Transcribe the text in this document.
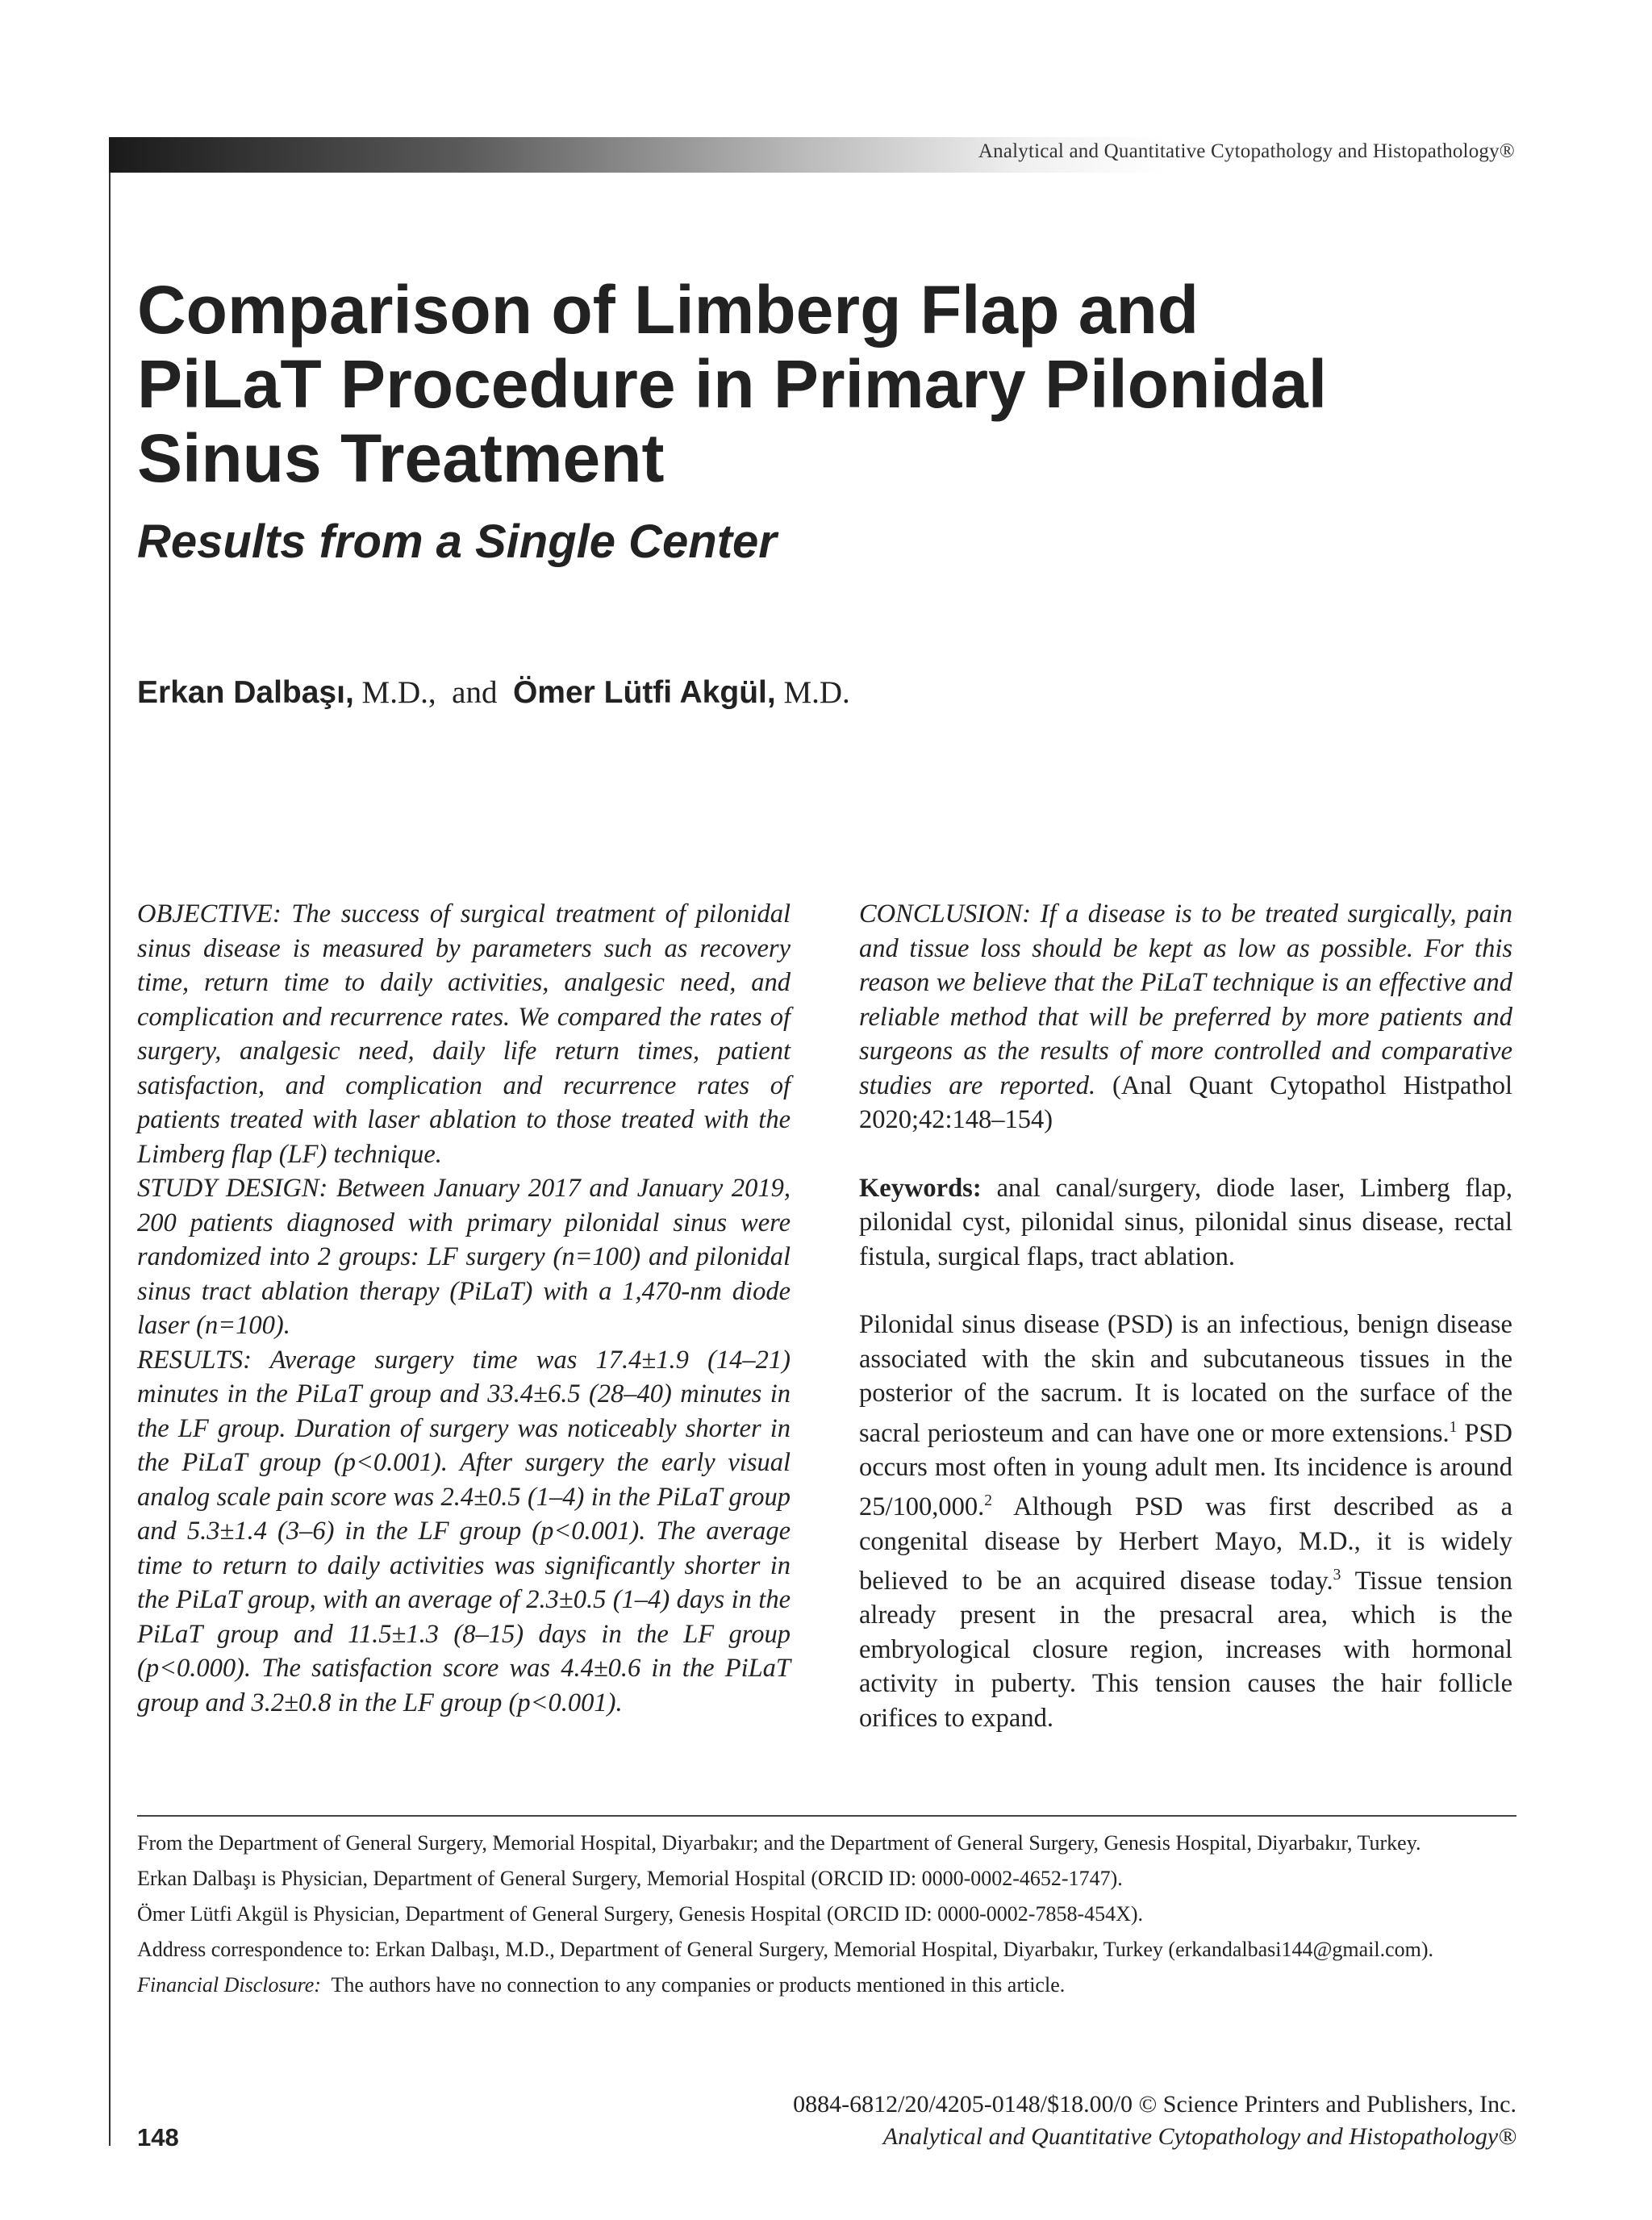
Analytical and Quantitative Cytopathology and Histopathology®
Comparison of Limberg Flap and PiLaT Procedure in Primary Pilonidal Sinus Treatment
Results from a Single Center
Erkan Dalbaşı, M.D., and Ömer Lütfi Akgül, M.D.

OBJECTIVE: The success of surgical treatment of pilonidal sinus disease is measured by parameters such as recovery time, return time to daily activities, analgesic need, and complication and recurrence rates. We compared the rates of surgery, analgesic need, daily life return times, patient satisfaction, and complication and recurrence rates of patients treated with laser ablation to those treated with the Limberg flap (LF) technique.

STUDY DESIGN: Between January 2017 and January 2019, 200 patients diagnosed with primary pilonidal sinus were randomized into 2 groups: LF surgery (n=100) and pilonidal sinus tract ablation therapy (PiLaT) with a 1,470-nm diode laser (n=100).

RESULTS: Average surgery time was 17.4±1.9 (14–21) minutes in the PiLaT group and 33.4±6.5 (28–40) minutes in the LF group. Duration of surgery was noticeably shorter in the PiLaT group (p<0.001). After surgery the early visual analog scale pain score was 2.4±0.5 (1–4) in the PiLaT group and 5.3±1.4 (3–6) in the LF group (p<0.001). The average time to return to daily activities was significantly shorter in the PiLaT group, with an average of 2.3±0.5 (1–4) days in the PiLaT group and 11.5±1.3 (8–15) days in the LF group (p<0.000). The satisfaction score was 4.4±0.6 in the PiLaT group and 3.2±0.8 in the LF group (p<0.001).

CONCLUSION: If a disease is to be treated surgically, pain and tissue loss should be kept as low as possible. For this reason we believe that the PiLaT technique is an effective and reliable method that will be preferred by more patients and surgeons as the results of more controlled and comparative studies are reported. (Anal Quant Cytopathol Histpathol 2020;42:148–154)

Keywords: anal canal/surgery, diode laser, Limberg flap, pilonidal cyst, pilonidal sinus, pilonidal sinus disease, rectal fistula, surgical flaps, tract ablation.

Pilonidal sinus disease (PSD) is an infectious, benign disease associated with the skin and subcutaneous tissues in the posterior of the sacrum. It is located on the surface of the sacral periosteum and can have one or more extensions.$^1$ PSD occurs most often in young adult men. Its incidence is around 25/100,000.$^2$ Although PSD was first described as a congenital disease by Herbert Mayo, M.D., it is widely believed to be an acquired disease today.$^3$ Tissue tension already present in the presacral area, which is the embryological closure region, increases with hormonal activity in puberty. This tension causes the hair follicle orifices to expand.

From the Department of General Surgery, Memorial Hospital, Diyarbakır; and the Department of General Surgery, Genesis Hospital, Diyarbakır, Turkey.

Erkan Dalbaşı is Physician, Department of General Surgery, Memorial Hospital (ORCID ID: 0000-0002-4652-1747).

Ömer Lütfi Akgül is Physician, Department of General Surgery, Genesis Hospital (ORCID ID: 0000-0002-7858-454X).

Address correspondence to: Erkan Dalbaşı, M.D., Department of General Surgery, Memorial Hospital, Diyarbakır, Turkey (erkandalbasi144@gmail.com).

Financial Disclosure: The authors have no connection to any companies or products mentioned in this article.

0884-6812/20/4205-0148/$18.00/0 © Science Printers and Publishers, Inc.
Analytical and Quantitative Cytopathology and Histopathology®
148
